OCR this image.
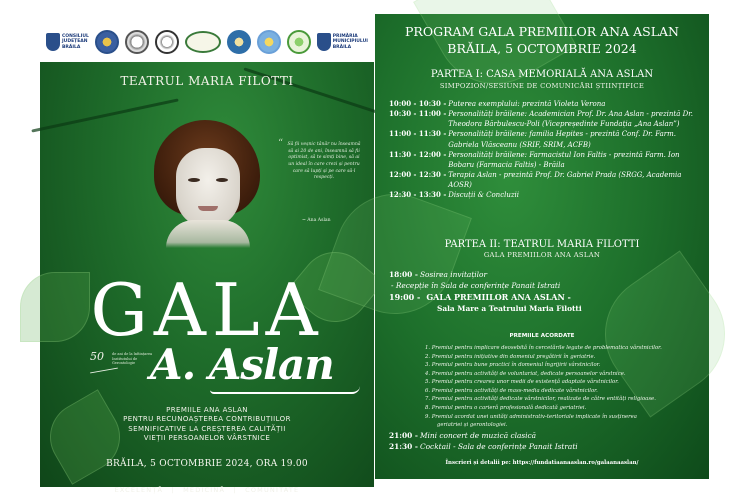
CONSILIUL
JUDEȚEAN
BRĂILA
PRIMĂRIA
MUNICIPIULUI
BRĂILA
TEATRUL MARIA FILOTTI
“ Să fii veșnic tânăr nu înseamnă să ai 20 de ani, înseamnă să fii optimist, să te simți bine, să ai un ideal în care crezi și pentru care să lupți și pe care să-l respecți.
~ Ana Aslan
GALA
50 de ani de la înființarea Institutului de Gerontologie A. Aslan
PREMIILE ANA ASLAN
PENTRU RECUNOAȘTEREA CONTRIBUȚIILOR
SEMNIFICATIVE LA CREȘTEREA CALITĂȚII
VIEȚII PERSOANELOR VÂRSTNICE
BRĂILA, 5 OCTOMBRIE 2024, ORA 19.00
EXCELENȚĂ | MEDICINĂ | COMUNITATE
PROGRAM GALA PREMIILOR ANA ASLAN
BRĂILA, 5 OCTOMBRIE 2024
PARTEA I: CASA MEMORIALĂ ANA ASLAN
SIMPOZION/SESIUNE DE COMUNICĂRI ȘTIINȚIFICE
10:00 - 10:30 - Puterea exemplului: prezintă Violeta Verona
10:30 - 11:00 - Personalități brăilene: Academician Prof. Dr. Ana Aslan - prezintă Dr. Theodora Bărbulescu-Poli (Vicepreședinte Fundația „Ana Aslan”)
11:00 - 11:30 - Personalități brăilene: familia Hepites - prezintă Conf. Dr. Farm. Gabriela Vlăsceanu (SRIF, SRIM, ACFB)
11:30 - 12:00 - Personalități brăilene: Farmacistul Ion Faltis - prezintă Farm. Ion Bobaru (Farmacia Faltis) - Brăila
12:00 - 12:30 - Terapia Aslan - prezintă Prof. Dr. Gabriel Prada (SRGG, Academia AOSR)
12:30 - 13:30 - Discuții & Concluzii
PARTEA II: TEATRUL MARIA FILOTTI
GALA PREMIILOR ANA ASLAN
18:00 - Sosirea invitaților
- Recepție în Sala de conferințe Panait Istrati
19:00 - GALA PREMIILOR ANA ASLAN -
Sala Mare a Teatrului Maria Filotti
PREMIILE ACORDATE
1. Premiul pentru implicare deosebită în cercetările legate de problematica vârstnicilor.
2. Premiul pentru inițiative din domeniul pregătirii în geriatrie.
3. Premiul pentru bune practici în domeniul îngrijirii vârstnicilor.
4. Premiul pentru activități de voluntariat, dedicate persoanelor vârstnice.
5. Premiul pentru crearea unor medii de existență adaptate vârstnicilor.
6. Premiul pentru activități de mass-media dedicate vârstnicilor.
7. Premiul pentru activități dedicate vârstnicilor, realizate de către entități religioase.
8. Premiul pentru o carieră profesională dedicată geriatriei.
9. Premiul acordat unei unități administrativ-teritoriale implicate în susținerea
geriatriei și gerontologiei.
21:00 - Mini concert de muzică clasică
21:30 - Cocktail - Sala de conferințe Panait Istrati
Înscrieri și detalii pe: https://fundatiaanaaslan.ro/galaanaaslan/
